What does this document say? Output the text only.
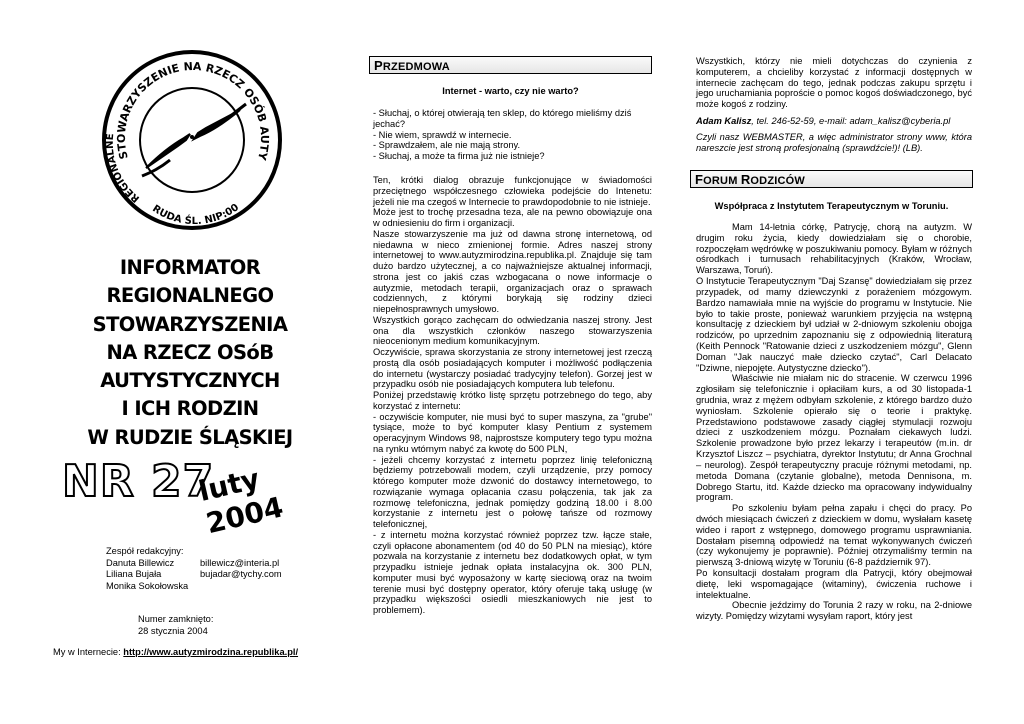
STOWARZYSZENIE NA RZECZ OSÓB AUTY
REGIONALNE
RUDA ŚL. NIP:00
INFORMATOR
REGIONALNEGO
STOWARZYSZENIA
NA RZECZ OSóB
AUTYSTYCZNYCH
I ICH RODZIN
W RUDZIE ŚLĄSKIEJ
NR 27
luty 2004
Zespół redakcyjny:
Danuta Billewicz	billewicz@interia.pl
Liliana Bujała	bujadar@tychy.com
Monika Sokołowska
Numer zamknięto:
28 stycznia 2004
My w Internecie: http://www.autyzmirodzina.republika.pl/
PRZEDMOWA
Internet - warto, czy nie warto?

- Słuchaj, o której otwierają ten sklep, do którego mieliśmy dziś jechać?

- Nie wiem, sprawdź w internecie.

- Sprawdzałem, ale nie mają strony.

- Słuchaj, a może ta firma już nie istnieje?

Ten, krótki dialog obrazuje funkcjonujące w świadomości przeciętnego współczesnego człowieka podejście do Intenetu: jeżeli nie ma czegoś w Internecie to prawdopodobnie to nie istnieje.

Może jest to trochę przesadna teza, ale na pewno obowiązuje ona w odniesieniu do firm i organizacji.

Nasze stowarzyszenie ma już od dawna stronę internetową, od niedawna w nieco zmienionej formie. Adres naszej strony internetowej to www.autyzmirodzina.republika.pl. Znajduje się tam dużo bardzo użytecznej, a co najważniejsze aktualnej informacji, strona jest co jakiś czas wzbogacana o nowe informacje o autyzmie, metodach terapii, organizacjach oraz o sprawach codziennych, z którymi borykają się rodziny dzieci niepełnosprawnych umysłowo.

Wszystkich gorąco zachęcam do odwiedzania naszej strony. Jest ona dla wszystkich członków naszego stowarzyszenia nieocenionym medium komunikacyjnym.

Oczywiście, sprawa skorzystania ze strony internetowej jest rzeczą prostą dla osób posiadających komputer i możliwość podłączenia do internetu (wystarczy posiadać tradycyjny telefon). Gorzej jest w przypadku osób nie posiadających komputera lub telefonu.

Poniżej przedstawię krótko listę sprzętu potrzebnego do tego, aby korzystać z internetu:

- oczywiście komputer, nie musi być to super maszyna, za "grube" tysiące, może to być komputer klasy Pentium z systemem operacyjnym Windows 98, najprostsze komputery tego typu można na rynku wtórnym nabyć za kwotę do 500 PLN,

- jeżeli chcemy korzystać z internetu poprzez linię telefoniczną będziemy potrzebowali modem, czyli urządzenie, przy pomocy którego komputer może dzwonić do dostawcy internetowego, to rozwiązanie wymaga opłacania czasu połączenia, tak jak za rozmowę telefoniczna, jednak pomiędzy godziną 18.00 i 8.00 korzystanie z internetu jest o połowę tańsze od rozmowy telefonicznej,

- z internetu można korzystać również poprzez tzw. łącze stałe, czyli opłacone abonamentem (od 40 do 50 PLN na miesiąc), które pozwala na korzystanie z internetu bez dodatkowych opłat, w tym przypadku istnieje jednak opłata instalacyjna ok. 300 PLN, komputer musi być wyposażony w kartę sieciową oraz na twoim terenie musi być dostępny operator, który oferuje taką usługę (w przypadku większości osiedli mieszkaniowych nie jest to problemem).

Wszystkich, którzy nie mieli dotychczas do czynienia z komputerem, a chcieliby korzystać z informacji dostępnych w internecie zachęcam do tego, jednak podczas zakupu sprzętu i jego uruchamiania poproście o pomoc kogoś doświadczonego, być może kogoś z rodziny.

Adam Kalisz, tel. 246-52-59, e-mail: adam_kalisz@cyberia.pl

Czyli nasz WEBMASTER, a więc administrator strony www, która nareszcie jest stroną profesjonalną (sprawdźcie!)! (LB).

FORUM RODZICÓW
Współpraca z Instytutem Terapeutycznym w Toruniu.

Mam 14-letnia córkę, Patrycję, chorą na autyzm. W drugim roku życia, kiedy dowiedziałam się o chorobie, rozpoczęłam wędrówkę w poszukiwaniu pomocy. Byłam w różnych ośrodkach i turnusach rehabilitacyjnych (Kraków, Wrocław, Warszawa, Toruń).

O Instytucie Terapeutycznym "Daj Szansę" dowiedziałam się przez przypadek, od mamy dziewczynki z porażeniem mózgowym. Bardzo namawiała mnie na wyjście do programu w Instytucie. Nie było to takie proste, ponieważ warunkiem przyjęcia na wstępną konsultację z dzieckiem był udział w 2-dniowym szkoleniu obojga rodziców, po uprzednim zapoznaniu się z odpowiednią literaturą (Keith Pennock "Ratowanie dzieci z uszkodzeniem mózgu", Glenn Doman "Jak nauczyć małe dziecko czytać", Carl Delacato "Dziwne, niepojęte. Autystyczne dziecko").

Właściwie nie miałam nic do stracenie. W czerwcu 1996 zgłosiłam się telefonicznie i opłaciłam kurs, a od 30 listopada-1 grudnia, wraz z mężem odbyłam szkolenie, z którego bardzo dużo wyniosłam. Szkolenie opierało się o teorie i praktykę. Przedstawiono podstawowe zasady ciągłej stymulacji rozwoju dzieci z uszkodzeniem mózgu. Poznałam ciekawych ludzi. Szkolenie prowadzone było przez lekarzy i terapeutów (m.in. dr Krzysztof Liszcz – psychiatra, dyrektor Instytutu; dr Anna Grochnal – neurolog). Zespół terapeutyczny pracuje różnymi metodami, np. metoda Domana (czytanie globalne), metoda Dennisona, m. Dobrego Startu, itd. Każde dziecko ma opracowany indywidualny program.

Po szkoleniu byłam pełna zapału i chęci do pracy. Po dwóch miesiącach ćwiczeń z dzieckiem w domu, wysłałam kasetę wideo i raport z wstępnego, domowego programu usprawniania. Dostałam pisemną odpowiedź na temat wykonywanych ćwiczeń (czy wykonujemy je poprawnie). Później otrzymaliśmy termin na pierwszą 3-dniową wizytę w Toruniu (6-8 październik 97).

Po konsultacji dostałam program dla Patrycji, który obejmował dietę, leki wspomagające (witaminy), ćwiczenia ruchowe i intelektualne.

Obecnie jeździmy do Torunia 2 razy w roku, na 2-dniowe wizyty. Pomiędzy wizytami wysyłam raport, który jest
